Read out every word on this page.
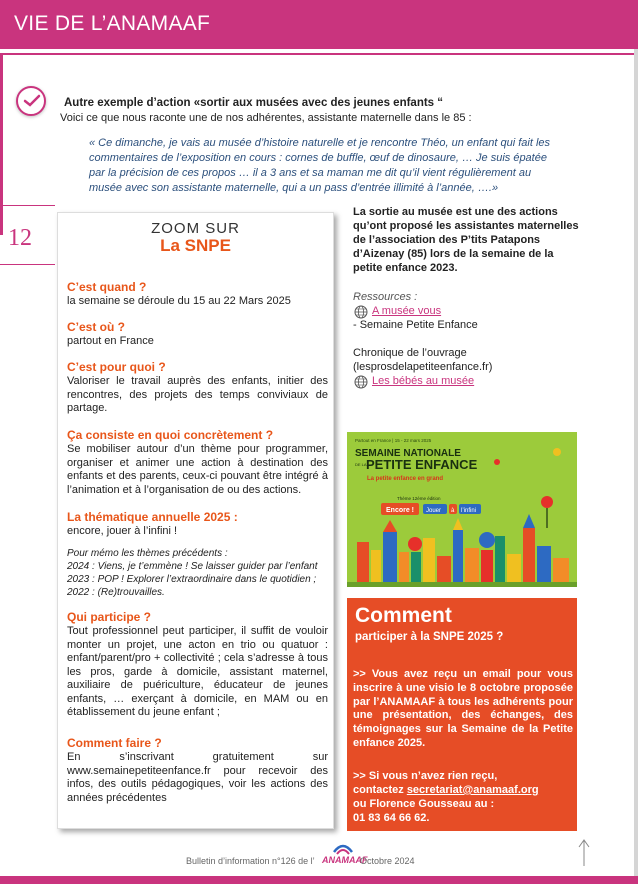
VIE DE L’ANAMAAF
12
Autre exemple d’action «sortir aux musées avec des jeunes enfants “
Voici ce que nous raconte une de nos adhérentes, assistante maternelle dans le 85 :
« Ce dimanche, je vais au musée d’histoire naturelle et je rencontre Théo, un enfant qui fait les commentaires de l’exposition en cours : cornes de buffle, œuf de dinosaure, … Je suis épatée par la précision de ces propos … il a 3 ans et sa maman me dit qu’il vient régulièrement au musée avec son assistante maternelle, qui a un pass d’entrée illimité à l’année, ….»
ZOOM SUR
La SNPE
C’est quand ?
la semaine se déroule du 15 au 22 Mars 2025
C’est où ?
partout en France
C’est pour quoi ?
Valoriser le travail auprès des enfants, initier des rencontres, des projets des temps conviviaux de partage.
Ça consiste en quoi concrètement ?
Se mobiliser autour d’un thème pour programmer, organiser et animer une action à destination des enfants et des parents, ceux-ci pouvant être intégré à l’animation et à l’organisation de ou des actions.
La thématique annuelle 2025 :
encore, jouer à l’infini !
Pour mémo les thèmes précédents :
2024 : Viens, je t’emmène ! Se laisser guider par l’enfant
2023 : POP ! Explorer l’extraordinaire dans le quotidien ;
2022 : (Re)trouvailles.
Qui participe ?
Tout professionnel peut participer, il suffit de vouloir monter un projet, une acton en trio ou quatuor : enfant/parent/pro + collectivité ; cela s’adresse à tous les pros, garde à domicile, assistant maternel, auxiliaire de puériculture, éducateur de jeunes enfants, … exerçant à domicile, en MAM ou en établissement du jeune enfant ;
Comment faire ?
En s’inscrivant gratuitement sur www.semainepetiteenfance.fr pour recevoir des infos, des outils pédagogiques, voir les actions des années précédentes
La sortie au musée est une des actions qu’ont proposé les assistantes maternelles de l’association des P’tits Patapons d’Aizenay (85) lors de la semaine de la petite enfance 2023.
Ressources :
A musée vous
- Semaine Petite Enfance
Chronique de l’ouvrage (lesprosdelapetiteenfance.fr)
Les bébés au musée
Partout en France | 15 - 22 mars 2025
SEMAINE NATIONALE
DE LA PETITE ENFANCE
La petite enfance en grand
Thème 12ème édition
Encore ! Jouer à l’infini
Comment
participer à la SNPE 2025 ?
>> Vous avez reçu un email pour vous inscrire à une visio le 8 octobre proposée par l’ANAMAAF à tous les adhérents pour une présentation, des échanges, des témoignages sur la Semaine de la Petite enfance 2025.
>> Si vous n’avez rien reçu,
contactez secretariat@anamaaf.org
ou Florence Gousseau au :
01 83 64 66 62.
Bulletin d’information n°126 de l’ ANAMAAF
Octobre 2024
